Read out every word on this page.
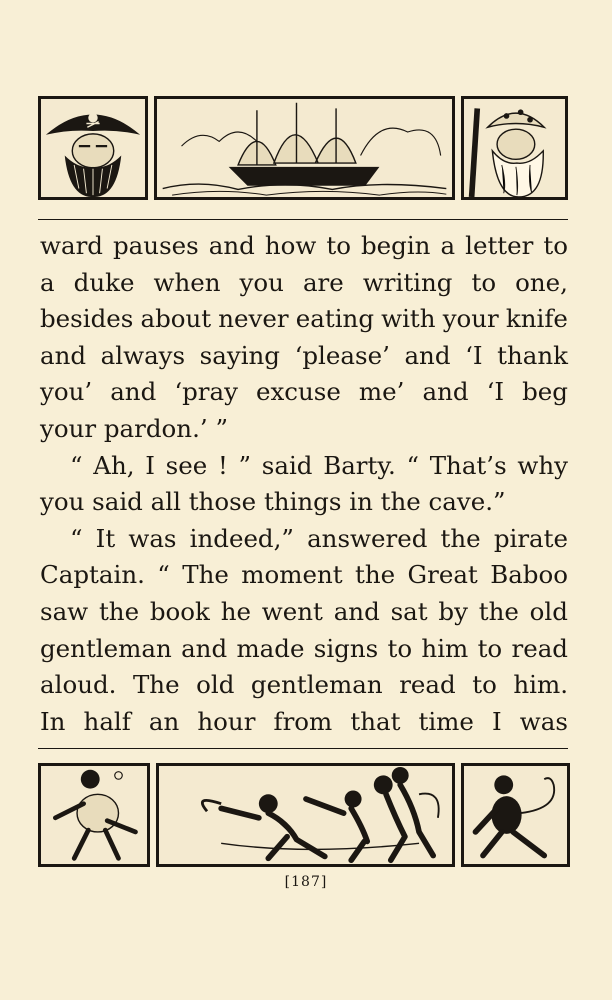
ward pauses and how to begin a letter to
a duke when you are writing to one,
besides about never eating with your knife
and always saying ‘please’ and ‘I thank
you’ and ‘pray excuse me’ and ‘I beg
your pardon.’ ”
“ Ah, I see ! ” said Barty. “ That’s why
you said all those things in the cave.”
“ It was indeed,” answered the pirate
Captain. “ The moment the Great Baboo
saw the book he went and sat by the old
gentleman and made signs to him to read
aloud. The old gentleman read to him.
In half an hour from that time I was
[187]
